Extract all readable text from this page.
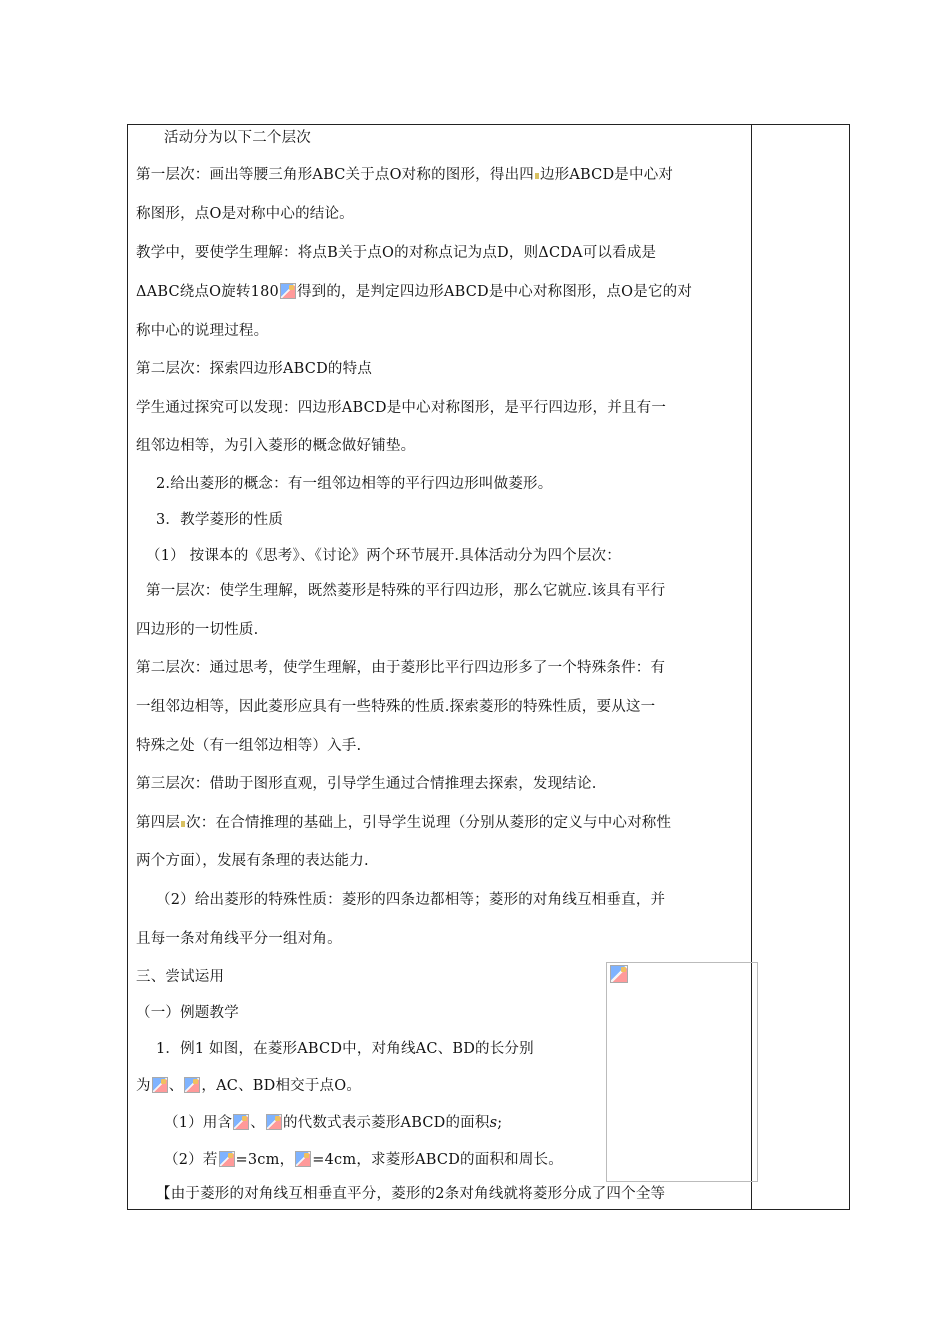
活动分为以下二个层次
第一层次：画出等腰三角形ABC关于点O对称的图形，得出四 边形ABCD是中心对
称图形，点O是对称中心的结论。
教学中，要使学生理解：将点B关于点O的对称点记为点D，则ΔCDA可以看成是
ΔABC绕点O旋转180 得到的，是判定四边形ABCD是中心对称图形，点O是它的对
称中心的说理过程。
第二层次：探索四边形ABCD的特点
学生通过探究可以发现：四边形ABCD是中心对称图形，是平行四边形，并且有一
组邻边相等，为引入菱形的概念做好铺垫。
2.给出菱形的概念：有一组邻边相等的平行四边形叫做菱形。
3．教学菱形的性质
（1） 按课本的《思考》、《讨论》两个环节展开.具体活动分为四个层次：
第一层次：使学生理解，既然菱形是特殊的平行四边形，那么它就应.该具有平行
四边形的一切性质.
第二层次：通过思考，使学生理解，由于菱形比平行四边形多了一个特殊条件：有
一组邻边相等，因此菱形应具有一些特殊的性质.探索菱形的特殊性质，要从这一
特殊之处（有一组邻边相等）入手.
第三层次：借助于图形直观，引导学生通过合情推理去探索，发现结论.
第四层 次：在合情推理的基础上，引导学生说理（分别从菱形的定义与中心对称性
两个方面），发展有条理的表达能力.
（2）给出菱形的特殊性质：菱形的四条边都相等；菱形的对角线互相垂直，并
且每一条对角线平分一组对角。
三、尝试运用
（一）例题教学
1．例1 如图，在菱形ABCD中，对角线AC、BD的长分别
为 、 ，AC、BD相交于点O。
（1）用含 、 的代数式表示菱形ABCD的面积s;
（2）若 =3cm， =4cm，求菱形ABCD的面积和周长。
【由于菱形的对角线互相垂直平分，菱形的2条对角线就将菱形分成了四个全等
